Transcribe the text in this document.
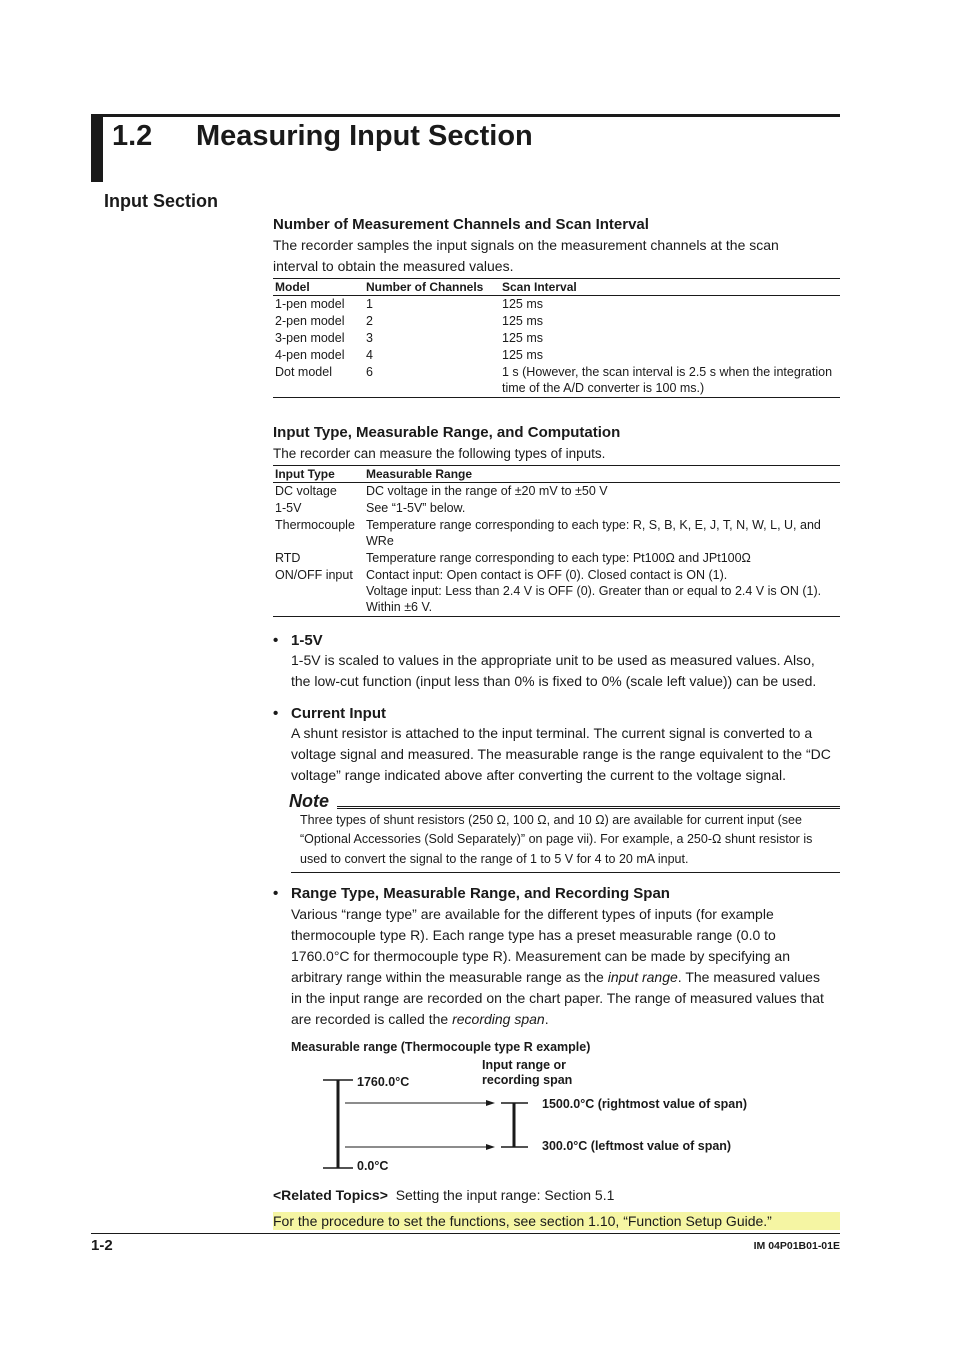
1.2 Measuring Input Section
Input Section
Number of Measurement Channels and Scan Interval
The recorder samples the input signals on the measurement channels at the scan
interval to obtain the measured values.
Model	Number of Channels	Scan Interval
1-pen model	1	125 ms
2-pen model	2	125 ms
3-pen model	3	125 ms
4-pen model	4	125 ms
Dot model	6	1 s (However, the scan interval is 2.5 s when the integration
time of the A/D converter is 100 ms.)
Input Type, Measurable Range, and Computation
The recorder can measure the following types of inputs.
Input Type	Measurable Range
DC voltage	DC voltage in the range of ±20 mV to ±50 V
1-5V	See “1-5V” below.
Thermocouple	Temperature range corresponding to each type: R, S, B, K, E, J, T, N, W, L, U, and
WRe

RTD	Temperature range corresponding to each type: Pt100Ω and JPt100Ω
ON/OFF input	Contact input: Open contact is OFF (0). Closed contact is ON (1).
Voltage input: Less than 2.4 V is OFF (0). Greater than or equal to 2.4 V is ON (1).
Within ±6 V.
• 1-5V
1-5V is scaled to values in the appropriate unit to be used as measured values. Also,
the low-cut function (input less than 0% is fixed to 0% (scale left value)) can be used.
• Current Input
A shunt resistor is attached to the input terminal. The current signal is converted to a
voltage signal and measured. The measurable range is the range equivalent to the “DC
voltage” range indicated above after converting the current to the voltage signal.
Note
Three types of shunt resistors (250 Ω, 100 Ω, and 10 Ω) are available for current input (see
“Optional Accessories (Sold Separately)” on page vii). For example, a 250-Ω shunt resistor is
used to convert the signal to the range of 1 to 5 V for 4 to 20 mA input.
• Range Type, Measurable Range, and Recording Span
Various “range type” are available for the different types of inputs (for example
thermocouple type R). Each range type has a preset measurable range (0.0 to
1760.0°C for thermocouple type R). Measurement can be made by specifying an
arbitrary range within the measurable range as the input range. The measured values
in the input range are recorded on the chart paper. The range of measured values that
are recorded is called the recording span.
Measurable range (Thermocouple type R example)
1760.0°C
0.0°C
Input range or
recording span
1500.0°C (rightmost value of span)
300.0°C (leftmost value of span)
<Related Topics> Setting the input range: Section 5.1
For the procedure to set the functions, see section 1.10, “Function Setup Guide.”
1-2	IM 04P01B01-01E
